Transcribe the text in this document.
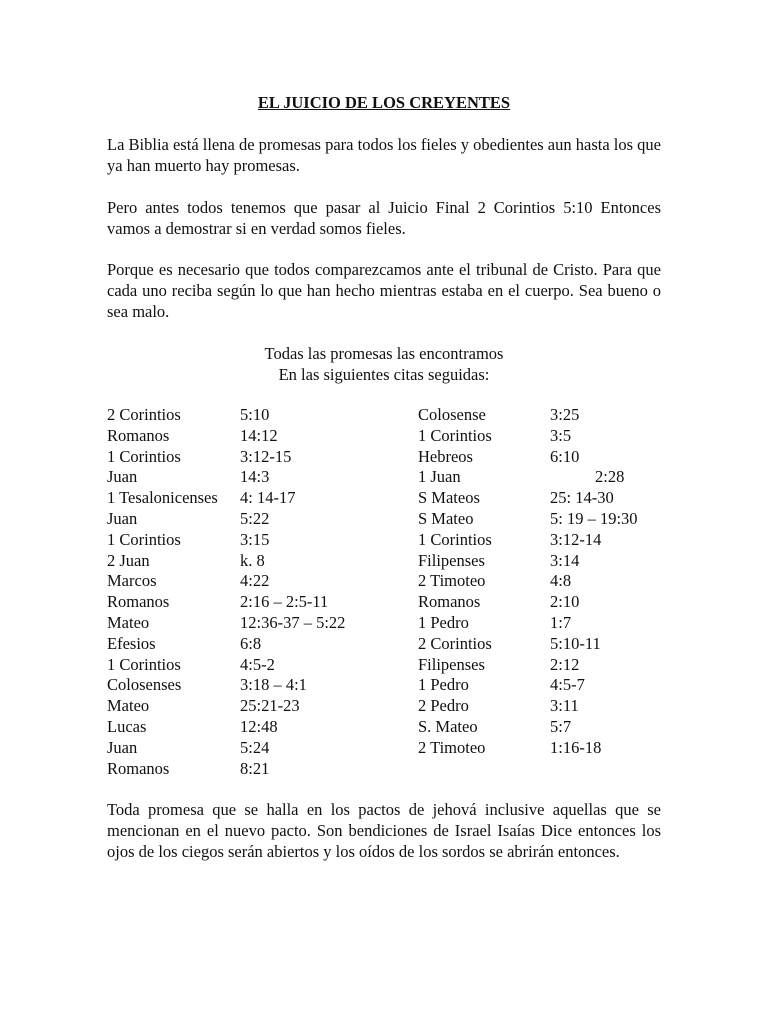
EL JUICIO DE LOS CREYENTES

La Biblia está llena de promesas para todos los fieles y obedientes aun hasta los que ya han muerto hay promesas.

Pero antes todos tenemos que pasar al Juicio Final 2 Corintios 5:10 Entonces vamos a demostrar si en verdad somos fieles.

Porque es necesario que todos comparezcamos ante el tribunal de Cristo. Para que cada uno reciba según lo que han hecho mientras estaba en el cuerpo. Sea bueno o sea malo.

Todas las promesas las encontramos

En las siguientes citas seguidas:

2 Corintios	5:10
Romanos	14:12
1 Corintios	3:12-15
Juan	14:3
1 Tesalonicenses 4: 14-17
Juan	5:22
1 Corintios	3:15
2 Juan	k. 8
Marcos	4:22
Romanos	2:16 – 2:5-11
Mateo	12:36-37 – 5:22
Efesios	6:8
1 Corintios	4:5-2
Colosenses	3:18 – 4:1
Mateo	25:21-23
Lucas	12:48
Juan	5:24
Romanos	8:21
Colosense	3:25
1 Corintios	3:5
Hebreos	6:10
1 Juan	2:28
S Mateos	25: 14-30
S Mateo	5: 19 – 19:30
1 Corintios	3:12-14
Filipenses	3:14
2 Timoteo	4:8
Romanos	2:10
1 Pedro	1:7
2 Corintios	5:10-11
Filipenses	2:12
1 Pedro	4:5-7
2 Pedro	3:11
S. Mateo	5:7
2 Timoteo	1:16-18

Toda promesa que se halla en los pactos de jehová inclusive aquellas que se mencionan en el nuevo pacto. Son bendiciones de Israel Isaías Dice entonces los ojos de los ciegos serán abiertos y los oídos de los sordos se abrirán entonces.
